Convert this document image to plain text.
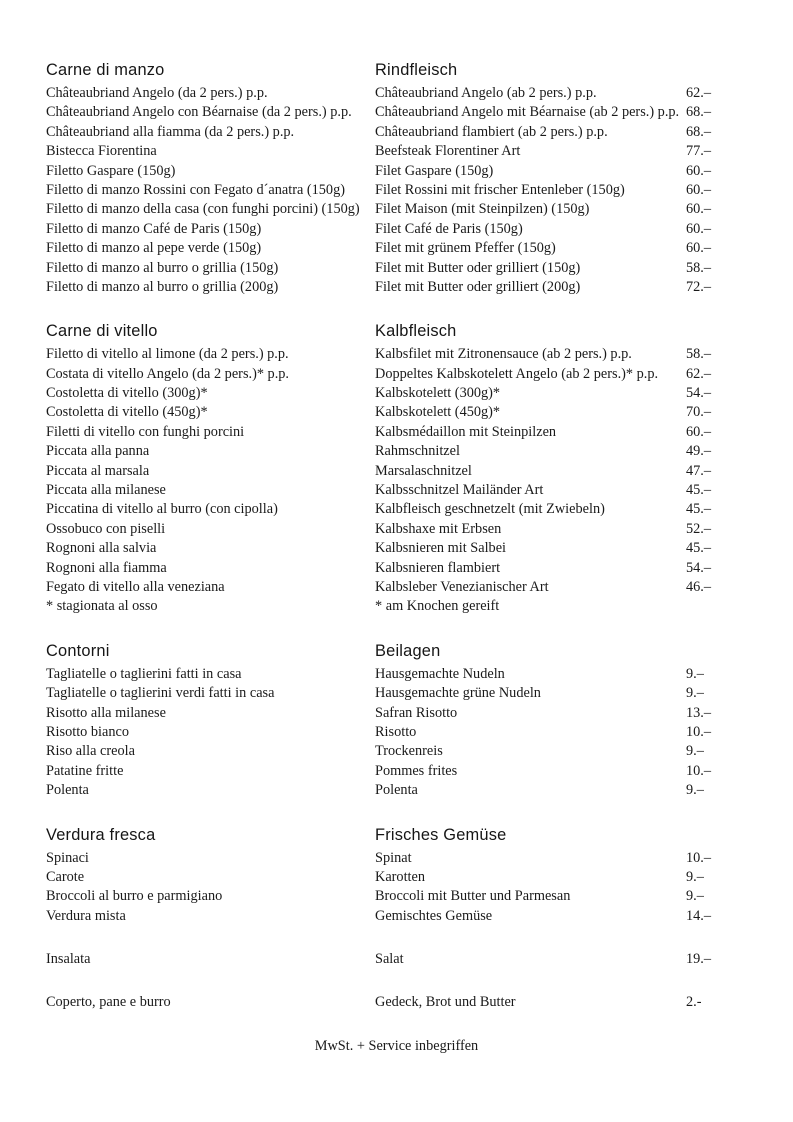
Carne di manzo	Rindfleisch
Châteaubriand Angelo (da 2 pers.) p.p.	Châteaubriand Angelo (ab 2 pers.) p.p.	62.–
Châteaubriand Angelo con Béarnaise (da 2 pers.) p.p.	Châteaubriand Angelo mit Béarnaise (ab 2 pers.) p.p. 68.–
Châteaubriand alla fiamma (da 2 pers.) p.p.	Châteaubriand flambiert (ab 2 pers.) p.p.	68.–
Bistecca Fiorentina	Beefsteak Florentiner Art	77.–
Filetto Gaspare (150g)	Filet Gaspare (150g)	60.–
Filetto di manzo Rossini con Fegato d´anatra (150g)	Filet Rossini mit frischer Entenleber (150g)	60.–
Filetto di manzo della casa (con funghi porcini) (150g)	Filet Maison (mit Steinpilzen) (150g)	60.–
Filetto di manzo Café de Paris (150g)	Filet Café de Paris (150g)	60.–
Filetto di manzo al pepe verde (150g)	Filet mit grünem Pfeffer (150g)	60.–
Filetto di manzo al burro o grillia (150g)	Filet mit Butter oder grilliert (150g)	58.–
Filetto di manzo al burro o grillia (200g)	Filet mit Butter oder grilliert (200g)	72.–
Carne di vitello	Kalbfleisch
Filetto di vitello al limone (da 2 pers.) p.p.	Kalbsfilet mit Zitronensauce (ab 2 pers.) p.p.	58.–
Costata di vitello Angelo (da 2 pers.)* p.p.	Doppeltes Kalbskotelett Angelo (ab 2 pers.)* p.p.	62.–
Costoletta di vitello (300g)*	Kalbskotelett (300g)*	54.–
Costoletta di vitello (450g)*	Kalbskotelett (450g)*	70.–
Filetti di vitello con funghi porcini	Kalbsmédaillon mit Steinpilzen	60.–
Piccata alla panna	Rahmschnitzel	49.–
Piccata al marsala	Marsalaschnitzel	47.–
Piccata alla milanese	Kalbsschnitzel Mailänder Art	45.–
Piccatina di vitello al burro (con cipolla)	Kalbfleisch geschnetzelt (mit Zwiebeln)	45.–
Ossobuco con piselli	Kalbshaxe mit Erbsen	52.–
Rognoni alla salvia	Kalbsnieren mit Salbei	45.–
Rognoni alla fiamma	Kalbsnieren flambiert	54.–
Fegato di vitello alla veneziana	Kalbsleber Venezianischer Art	46.–
* stagionata al osso	* am Knochen gereift
Contorni	Beilagen
Tagliatelle o taglierini fatti in casa	Hausgemachte Nudeln	9.–
Tagliatelle o taglierini verdi fatti in casa	Hausgemachte grüne Nudeln	9.–
Risotto alla milanese	Safran Risotto	13.–
Risotto bianco	Risotto	10.–
Riso alla creola	Trockenreis	9.–
Patatine fritte	Pommes frites	10.–
Polenta	Polenta	9.–
Verdura fresca	Frisches Gemüse
Spinaci	Spinat	10.–
Carote	Karotten	9.–
Broccoli al burro e parmigiano	Broccoli mit Butter und Parmesan	9.–
Verdura mista	Gemischtes Gemüse	14.–
Insalata	Salat	19.–
Coperto, pane e burro	Gedeck, Brot und Butter	2.-
MwSt. + Service inbegriffen
